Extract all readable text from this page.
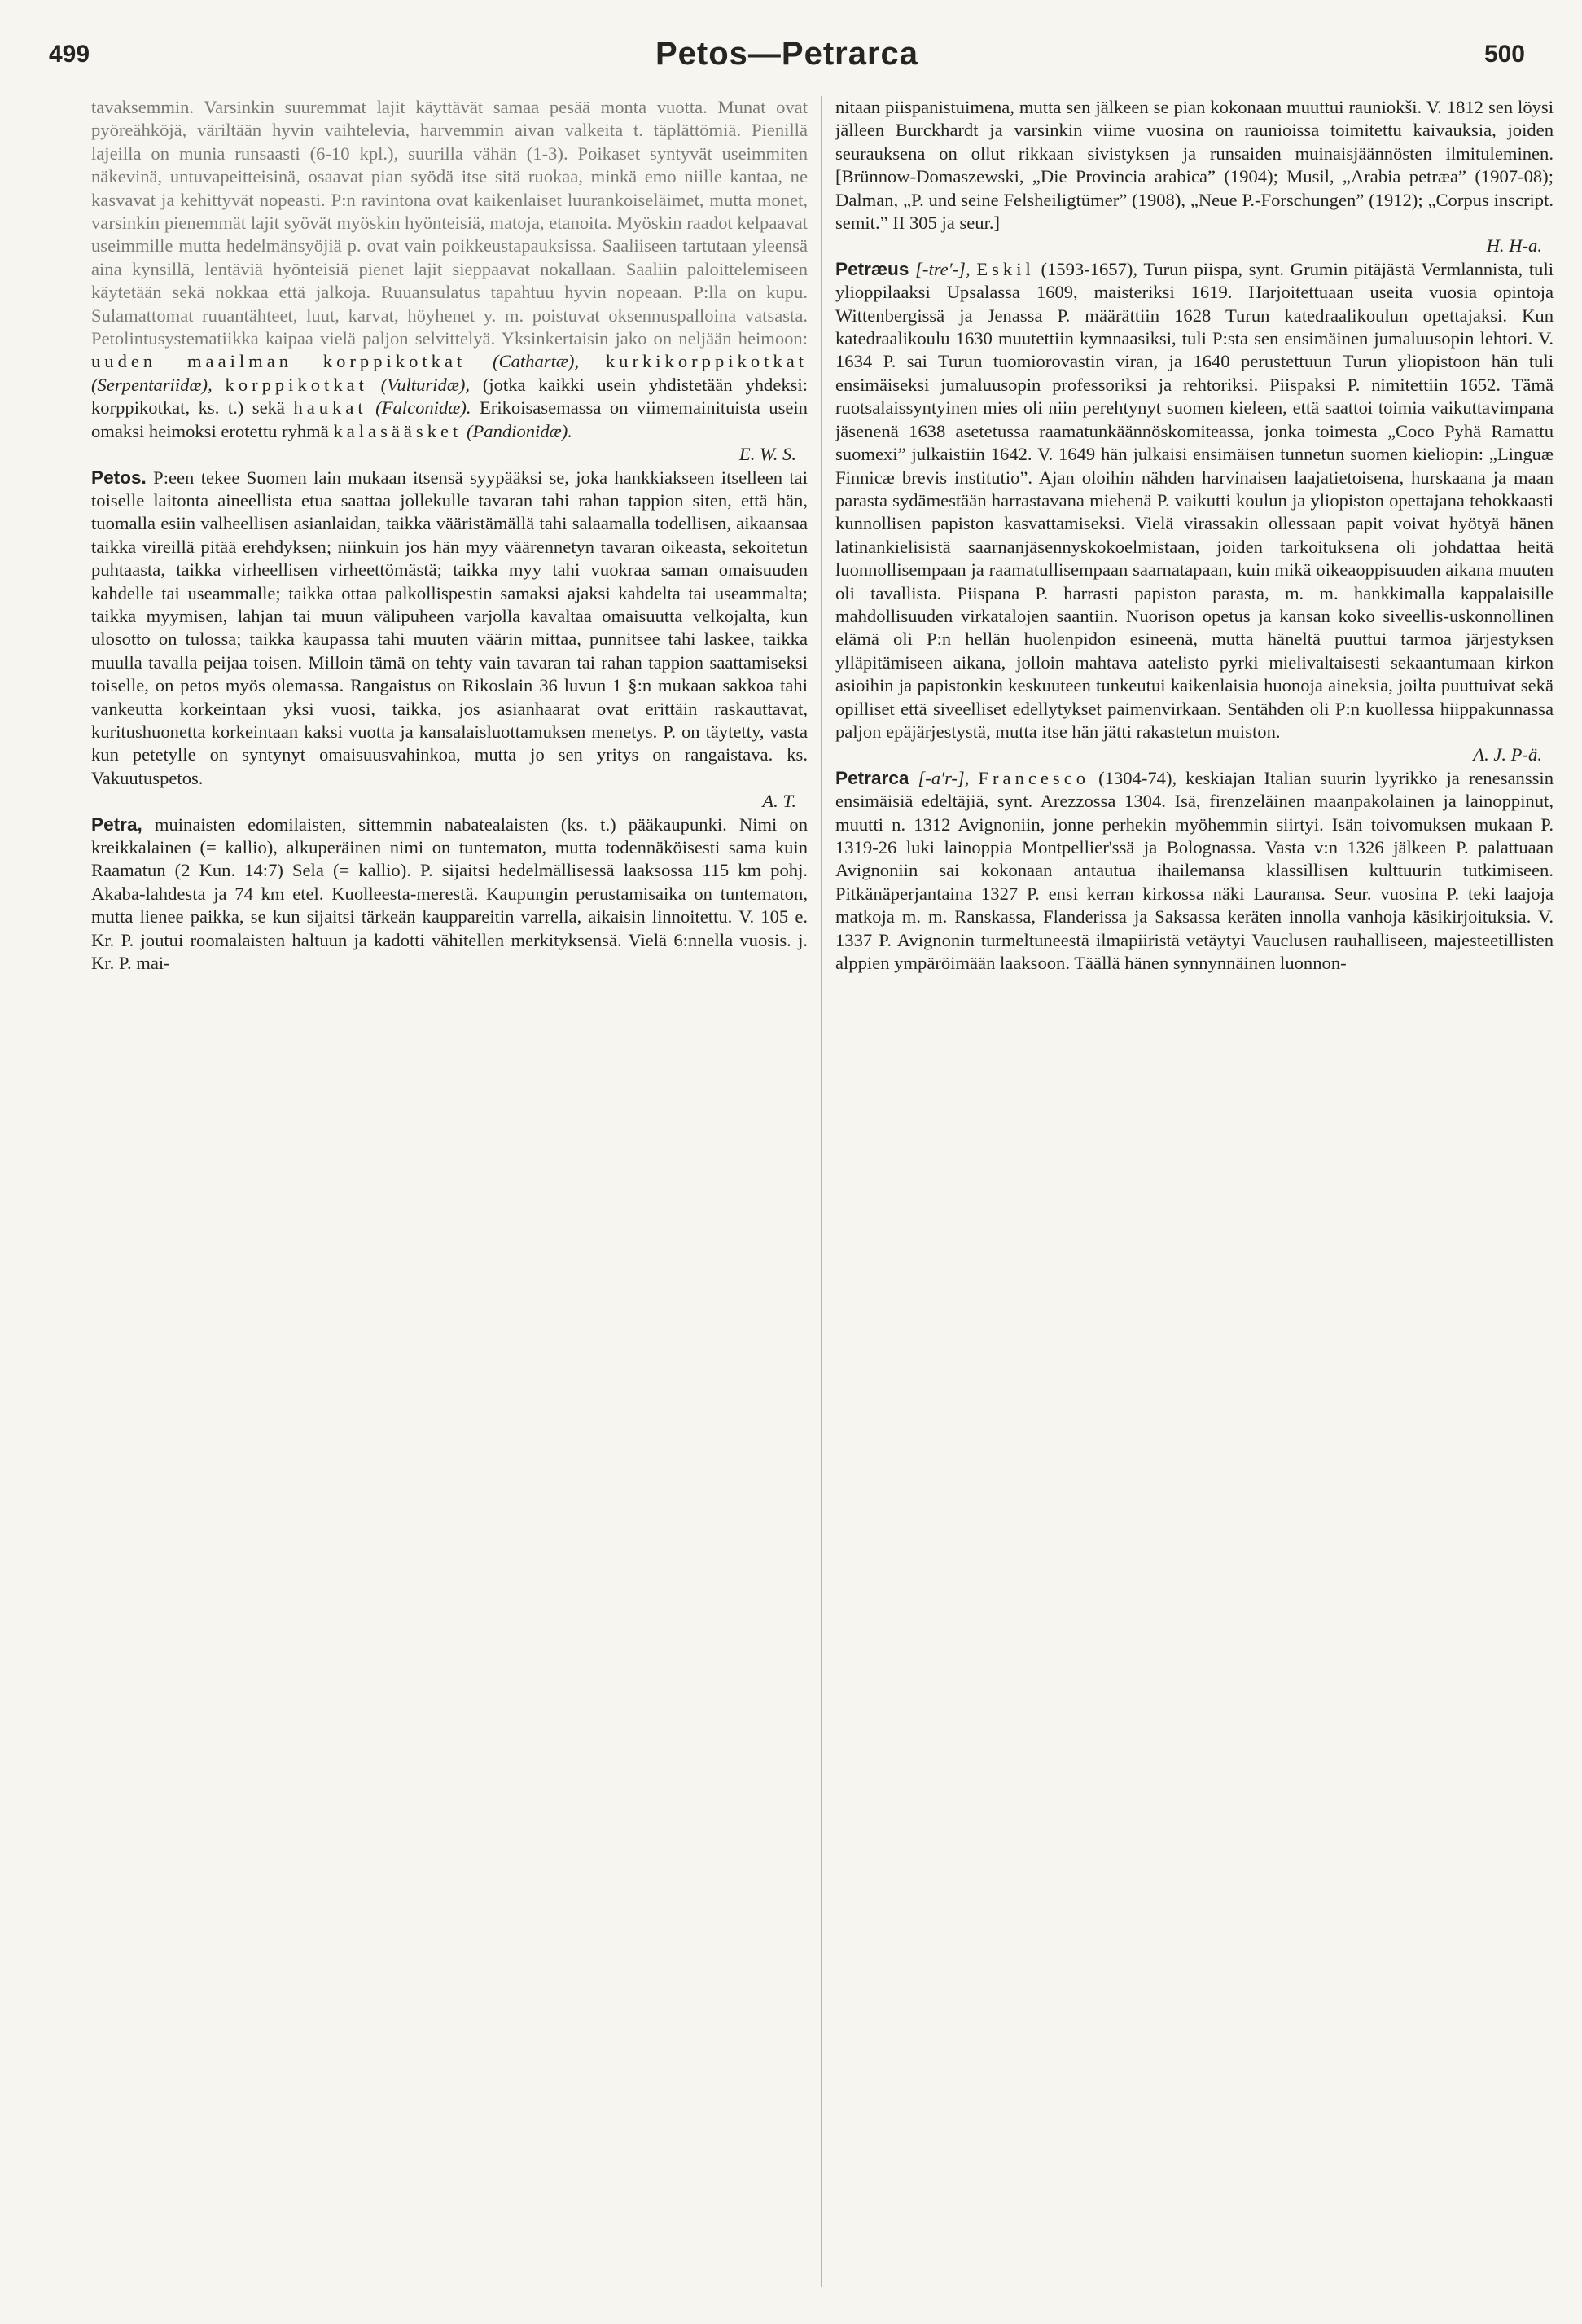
499	Petos—Petrarca	500

tavaksemmin. Varsinkin suuremmat lajit käyttävät samaa pesää monta vuotta. Munat ovat pyöreähköjä, väriltään hyvin vaihtelevia, harvemmin aivan valkeita t. täplättömiä. Pienillä lajeilla on munia runsaasti (6-10 kpl.), suurilla vähän (1-3). Poikaset syntyvät useimmiten näkevinä, untuvapeitteisinä, osaavat pian syödä itse sitä ruokaa, minkä emo niille kantaa, ne kasvavat ja kehittyvät nopeasti. P:n ravintona ovat kaikenlaiset luurankoiseläimet, mutta monet, varsinkin pienemmät lajit syövät myöskin hyönteisiä, matoja, etanoita. Myöskin raadot kelpaavat useimmille mutta hedelmänsyöjiä p. ovat vain poikkeustapauksissa. Saaliiseen tartutaan yleensä aina kynsillä, lentäviä hyönteisiä pienet lajit sieppaavat nokallaan. Saaliin paloittelemiseen käytetään sekä nokkaa että jalkoja. Ruuansulatus tapahtuu hyvin nopeaan. P:lla on kupu. Sulamattomat ruuantähteet, luut, karvat, höyhenet y. m. poistuvat oksennuspalloina vatsasta. Petolintusystematiikka kaipaa vielä paljon selvittelyä. Yksinkertaisin jako on neljään heimoon: uuden maailman korppikotkat (Cathartæ), kurkikorppikotkat (Serpentariidæ), korppikotkat (Vulturidæ), (jotka kaikki usein yhdistetään yhdeksi: korppikotkat, ks. t.) sekä haukat (Falconidæ). Erikoisasemassa on viimemainituista usein omaksi heimoksi erotettu ryhmä kalasääsket (Pandionidæ).

E. W. S.

Petos. P:een tekee Suomen lain mukaan itsensä syypääksi se, joka hankkiakseen itselleen tai toiselle laitonta aineellista etua saattaa jollekulle tavaran tahi rahan tappion siten, että hän, tuomalla esiin valheellisen asianlaidan, taikka vääristämällä tahi salaamalla todellisen, aikaansaa taikka vireillä pitää erehdyksen; niinkuin jos hän myy väärennetyn tavaran oikeasta, sekoitetun puhtaasta, taikka virheellisen virheettömästä; taikka myy tahi vuokraa saman omaisuuden kahdelle tai useammalle; taikka ottaa palkollispestin samaksi ajaksi kahdelta tai useammalta; taikka myymisen, lahjan tai muun välipuheen varjolla kavaltaa omaisuutta velkojalta, kun ulosotto on tulossa; taikka kaupassa tahi muuten väärin mittaa, punnitsee tahi laskee, taikka muulla tavalla peijaa toisen. Milloin tämä on tehty vain tavaran tai rahan tappion saattamiseksi toiselle, on petos myös olemassa. Rangaistus on Rikoslain 36 luvun 1 §:n mukaan sakkoa tahi vankeutta korkeintaan yksi vuosi, taikka, jos asianhaarat ovat erittäin raskauttavat, kuritushuonetta korkeintaan kaksi vuotta ja kansalaisluottamuksen menetys. P. on täytetty, vasta kun petetylle on syntynyt omaisuusvahinkoa, mutta jo sen yritys on rangaistava. ks. Vakuutuspetos.

A. T.

Petra, muinaisten edomilaisten, sittemmin nabatealaisten (ks. t.) pääkaupunki. Nimi on kreikkalainen (= kallio), alkuperäinen nimi on tuntematon, mutta todennäköisesti sama kuin Raamatun (2 Kun. 14:7) Sela (= kallio). P. sijaitsi hedelmällisessä laaksossa 115 km pohj. Akaba-lahdesta ja 74 km etel. Kuolleesta-merestä. Kaupungin perustamisaika on tuntematon, mutta lienee paikka, se kun sijaitsi tärkeän kauppareitin varrella, aikaisin linnoitettu. V. 105 e. Kr. P. joutui roomalaisten haltuun ja kadotti vähitellen merkityksensä. Vielä 6:nnella vuosis. j. Kr. P. mai-

nitaan piispanistuimena, mutta sen jälkeen se pian kokonaan muuttui rauniokši. V. 1812 sen löysi jälleen Burckhardt ja varsinkin viime vuosina on raunioissa toimitettu kaivauksia, joiden seurauksena on ollut rikkaan sivistyksen ja runsaiden muinaisjäännösten ilmituleminen. [Brünnow-Domaszewski, „Die Provincia arabica” (1904); Musil, „Arabia petræa” (1907-08); Dalman, „P. und seine Felsheiligtümer” (1908), „Neue P.-Forschungen” (1912); „Corpus inscript. semit.” II 305 ja seur.]

H. H-a.

Petræus [-tre′-], Eskil (1593-1657), Turun piispa, synt. Grumin pitäjästä Vermlannista, tuli ylioppilaaksi Upsalassa 1609, maisteriksi 1619. Harjoitettuaan useita vuosia opintoja Wittenbergissä ja Jenassa P. määrättiin 1628 Turun katedraalikoulun opettajaksi. Kun katedraalikoulu 1630 muutettiin kymnaasiksi, tuli P:sta sen ensimäinen jumaluusopin lehtori. V. 1634 P. sai Turun tuomiorovastin viran, ja 1640 perustettuun Turun yliopistoon hän tuli ensimäiseksi jumaluusopin professoriksi ja rehtoriksi. Piispaksi P. nimitettiin 1652. Tämä ruotsalaissyntyinen mies oli niin perehtynyt suomen kieleen, että saattoi toimia vaikuttavimpana jäsenenä 1638 asetetussa raamatunkäännöskomiteassa, jonka toimesta „Coco Pyhä Ramattu suomexi” julkaistiin 1642. V. 1649 hän julkaisi ensimäisen tunnetun suomen kieliopin: „Linguæ Finnicæ brevis institutio”. Ajan oloihin nähden harvinaisen laajatietoisena, hurskaana ja maan parasta sydämestään harrastavana miehenä P. vaikutti koulun ja yliopiston opettajana tehokkaasti kunnollisen papiston kasvattamiseksi. Vielä virassakin ollessaan papit voivat hyötyä hänen latinankielisistä saarnanjäsennyskokoelmistaan, joiden tarkoituksena oli johdattaa heitä luonnollisempaan ja raamatullisempaan saarnatapaan, kuin mikä oikeaoppisuuden aikana muuten oli tavallista. Piispana P. harrasti papiston parasta, m. m. hankkimalla kappalaisille mahdollisuuden virkatalojen saantiin. Nuorison opetus ja kansan koko siveellis-uskonnollinen elämä oli P:n hellän huolenpidon esineenä, mutta häneltä puuttui tarmoa järjestyksen ylläpitämiseen aikana, jolloin mahtava aatelisto pyrki mielivaltaisesti sekaantumaan kirkon asioihin ja papistonkin keskuuteen tunkeutui kaikenlaisia huonoja aineksia, joilta puuttuivat sekä opilliset että siveelliset edellytykset paimenvirkaan. Sentähden oli P:n kuollessa hiippakunnassa paljon epäjärjestystä, mutta itse hän jätti rakastetun muiston.

A. J. P-ä.

Petrarca [-a′r-], Francesco (1304-74), keskiajan Italian suurin lyyrikko ja renesanssin ensimäisiä edeltäjiä, synt. Arezzossa 1304. Isä, firenzeläinen maanpakolainen ja lainoppinut, muutti n. 1312 Avignoniin, jonne perhekin myöhemmin siirtyi. Isän toivomuksen mukaan P. 1319-26 luki lainoppia Montpellier'ssä ja Bolognassa. Vasta v:n 1326 jälkeen P. palattuaan Avignoniin sai kokonaan antautua ihailemansa klassillisen kulttuurin tutkimiseen. Pitkänäperjantaina 1327 P. ensi kerran kirkossa näki Lauransa. Seur. vuosina P. teki laajoja matkoja m. m. Ranskassa, Flanderissa ja Saksassa keräten innolla vanhoja käsikirjoituksia. V. 1337 P. Avignonin turmeltuneestä ilmapiiristä vetäytyi Vauclusen rauhalliseen, majesteetillisten alppien ympäröimään laaksoon. Täällä hänen synnynnäinen luonnon-
